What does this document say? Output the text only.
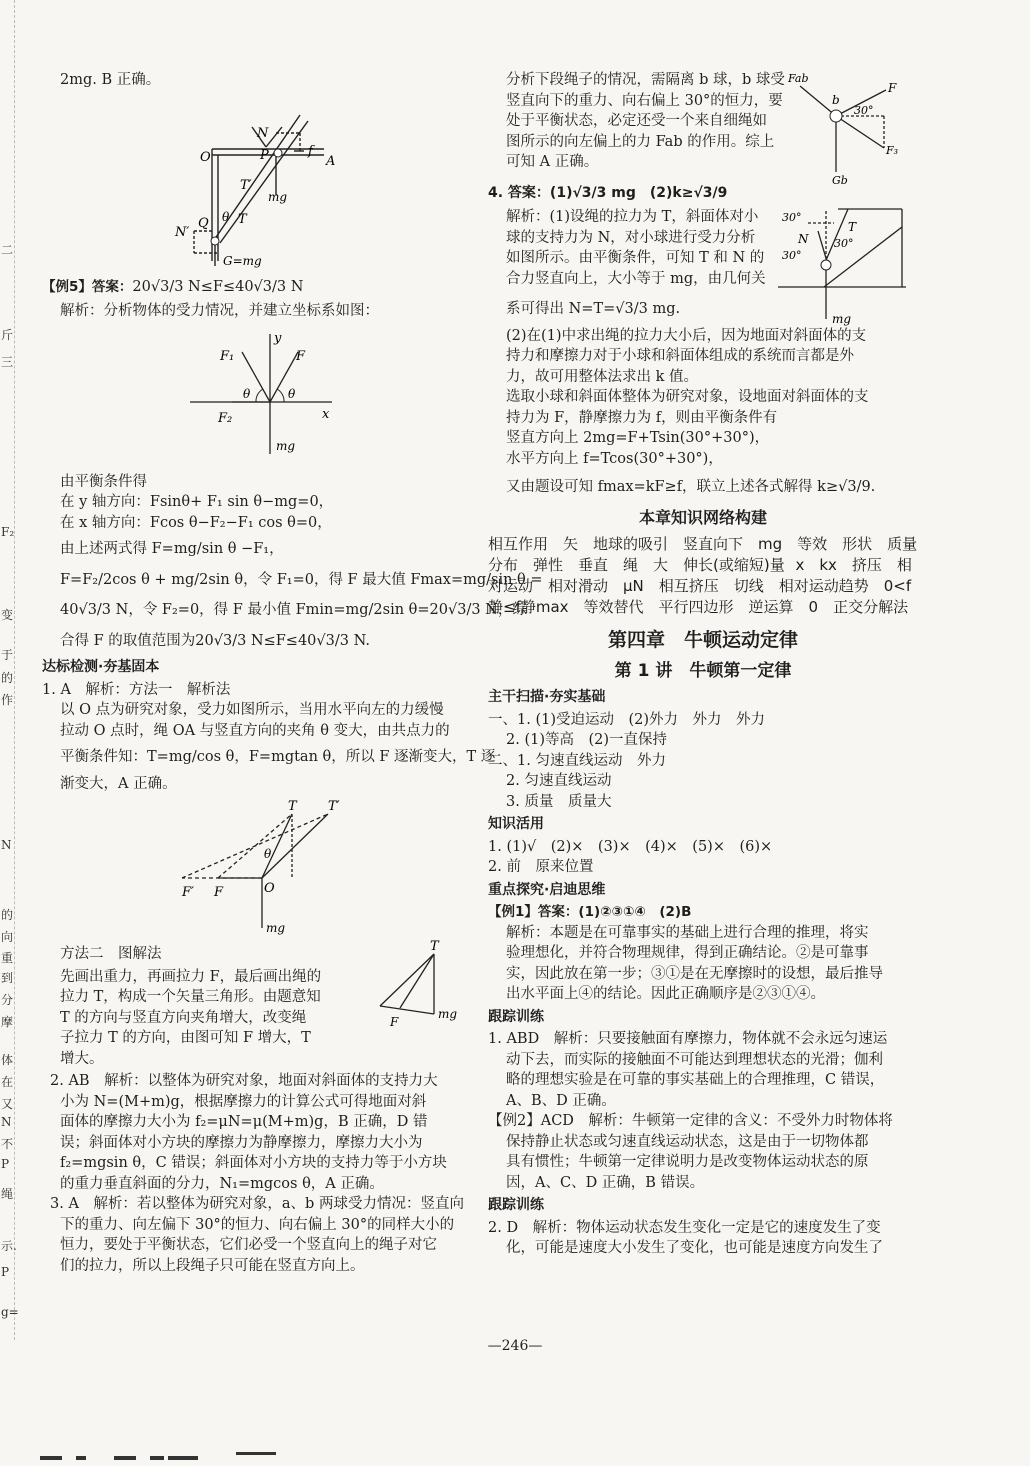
二
斤
三
F₂
变
于
的
作
N
的
向
重
到
分
摩
体
在
又
N
不
P
绳
示.
P
g=

2mg. B 正确。

N
O	P	f
A
T′
mg
θ T
N′
Q
G=mg

【例5】答案：20√3/3 N≤F≤40√3/3 N

解析：分析物体的受力情况，并建立坐标系如图：

y
F₁	F
θ	θ
x
F₂
mg

由平衡条件得

在 y 轴方向：Fsinθ+ F₁ sin θ−mg=0，

在 x 轴方向：Fcos θ−F₂−F₁ cos θ=0，

由上述两式得 F=mg/sin θ −F₁，

F=F₂/2cos θ + mg/2sin θ，令 F₁=0，得 F 最大值 Fmax=mg/sin θ =

40√3/3 N，令 F₂=0，得 F 最小值 Fmin=mg/2sin θ=20√3/3 N，综

合得 F 的取值范围为20√3/3 N≤F≤40√3/3 N.

达标检测·夯基固本

1. A　解析：方法一　解析法

以 O 点为研究对象，受力如图所示，当用水平向左的力缓慢

拉动 O 点时，绳 OA 与竖直方向的夹角 θ 变大，由共点力的

平衡条件知：T=mg/cos θ，F=mgtan θ，所以 F 逐渐变大，T 逐

渐变大，A 正确。

T T′
θ
F′ F	O
mg

方法二　图解法

先画出重力，再画拉力 F，最后画出绳的

拉力 T，构成一个矢量三角形。由题意知

T 的方向与竖直方向夹角增大，改变绳

子拉力 T 的方向，由图可知 F 增大，T

增大。

T
F
mg

2. AB　解析：以整体为研究对象，地面对斜面体的支持力大

小为 N=(M+m)g，根据摩擦力的计算公式可得地面对斜

面体的摩擦力大小为 f₂=μN=μ(M+m)g，B 正确，D 错

误；斜面体对小方块的摩擦力为静摩擦力，摩擦力大小为

f₂=mgsin θ，C 错误；斜面体对小方块的支持力等于小方块

的重力垂直斜面的分力，N₁=mgcos θ，A 正确。

3. A　解析：若以整体为研究对象，a、b 两球受力情况：竖直向

下的重力、向左偏下 30°的恒力、向右偏上 30°的同样大小的

恒力，要处于平衡状态，它们必受一个竖直向上的绳子对它

们的拉力，所以上段绳子只可能在竖直方向上。

分析下段绳子的情况，需隔离 b 球，b 球受

竖直向下的重力、向右偏上 30°的恒力，要

处于平衡状态，必定还受一个来自细绳如

图所示的向左偏上的力 Fab 的作用。综上

可知 A 正确。

Fab
b
F
30°
F₃
Gb

4. 答案：(1)√3/3 mg　(2)k≥√3/9

解析：(1)设绳的拉力为 T，斜面体对小

球的支持力为 N，对小球进行受力分析

如图所示。由平衡条件，可知 T 和 N 的

合力竖直向上，大小等于 mg，由几何关

系可得出 N=T=√3/3 mg.

30°
N
T
30°
30°
mg

(2)在(1)中求出绳的拉力大小后，因为地面对斜面体的支

持力和摩擦力对于小球和斜面体组成的系统而言都是外

力，故可用整体法求出 k 值。

选取小球和斜面体整体为研究对象，设地面对斜面体的支

持力为 F，静摩擦力为 f，则由平衡条件有

竖直方向上 2mg=F+Tsin(30°+30°)，

水平方向上 f=Tcos(30°+30°)，

又由题设可知 fmax=kF≥f，联立上述各式解得 k≥√3/9.

本章知识网络构建

相互作用　矢　地球的吸引　竖直向下　mg　等效　形状　质量分布　弹性　垂直　绳　大　伸长(或缩短)量 x　kx　挤压　相对运动　相对滑动　μN　相互挤压　切线　相对运动趋势　0<f静≤f静max　等效替代　平行四边形　逆运算　0　正交分解法

第四章　牛顿运动定律

第 1 讲　牛顿第一定律

主干扫描·夯实基础

一、1. (1)受迫运动　(2)外力　外力　外力

2. (1)等高　(2)一直保持

二、1. 匀速直线运动　外力

2. 匀速直线运动

3. 质量　质量大

知识活用

1. (1)√　(2)×　(3)×　(4)×　(5)×　(6)×

2. 前　原来位置

重点探究·启迪思维

【例1】答案：(1)②③①④　(2)B

解析：本题是在可靠事实的基础上进行合理的推理，将实

验理想化，并符合物理规律，得到正确结论。②是可靠事

实，因此放在第一步；③①是在无摩擦时的设想，最后推导

出水平面上④的结论。因此正确顺序是②③①④。

跟踪训练

1. ABD　解析：只要接触面有摩擦力，物体就不会永远匀速运

动下去，而实际的接触面不可能达到理想状态的光滑；伽利

略的理想实验是在可靠的事实基础上的合理推理，C 错误，

A、B、D 正确。

【例2】ACD　解析：牛顿第一定律的含义：不受外力时物体将

保持静止状态或匀速直线运动状态，这是由于一切物体都

具有惯性；牛顿第一定律说明力是改变物体运动状态的原

因，A、C、D 正确，B 错误。

跟踪训练

2. D　解析：物体运动状态发生变化一定是它的速度发生了变

化，可能是速度大小发生了变化，也可能是速度方向发生了

—246—
